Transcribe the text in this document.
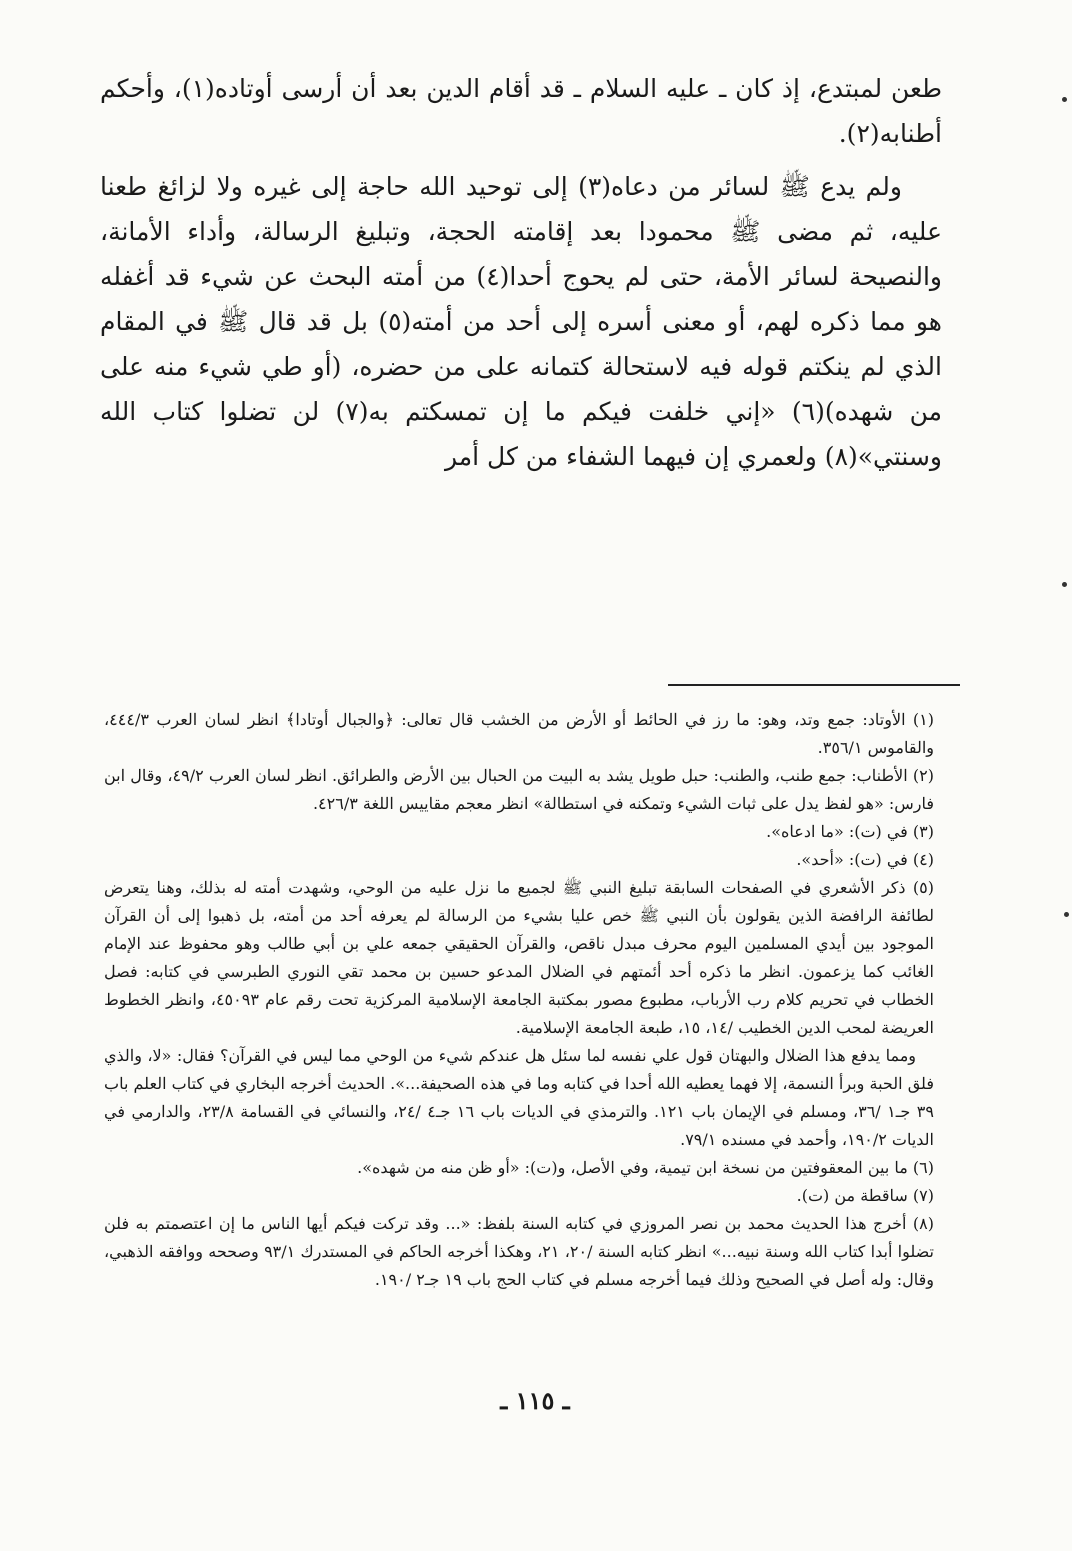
طعن لمبتدع، إذ كان ـ عليه السلام ـ قد أقام الدين بعد أن أرسى أوتاده(١)، وأحكم أطنابه(٢).

ولم يدع ﷺ لسائر من دعاه(٣) إلى توحيد الله حاجة إلى غيره ولا لزائغ طعنا عليه، ثم مضى ﷺ محمودا بعد إقامته الحجة، وتبليغ الرسالة، وأداء الأمانة، والنصيحة لسائر الأمة، حتى لم يحوج أحدا(٤) من أمته البحث عن شيء قد أغفله هو مما ذكره لهم، أو معنى أسره إلى أحد من أمته(٥) بل قد قال ﷺ في المقام الذي لم ينكتم قوله فيه لاستحالة كتمانه على من حضره، (أو طي شيء منه على من شهده)(٦) «إني خلفت فيكم ما إن تمسكتم به(٧) لن تضلوا كتاب الله وسنتي»(٨) ولعمري إن فيهما الشفاء من كل أمر

(١) الأوتاد: جمع وتد، وهو: ما رز في الحائط أو الأرض من الخشب قال تعالى: ﴿والجبال أوتادا﴾ انظر لسان العرب ٤٤٤/٣، والقاموس ٣٥٦/١.

(٢) الأطناب: جمع طنب، والطنب: حبل طويل يشد به البيت من الحبال بين الأرض والطرائق. انظر لسان العرب ٤٩/٢، وقال ابن فارس: «هو لفظ يدل على ثبات الشيء وتمكنه في استطالة» انظر معجم مقاييس اللغة ٤٢٦/٣.

(٣) في (ت): «ما ادعاه».

(٤) في (ت): «أحد».

(٥) ذكر الأشعري في الصفحات السابقة تبليغ النبي ﷺ لجميع ما نزل عليه من الوحي، وشهدت أمته له بذلك، وهنا يتعرض لطائفة الرافضة الذين يقولون بأن النبي ﷺ خص عليا بشيء من الرسالة لم يعرفه أحد من أمته، بل ذهبوا إلى أن القرآن الموجود بين أيدي المسلمين اليوم محرف مبدل ناقص، والقرآن الحقيقي جمعه علي بن أبي طالب وهو محفوظ عند الإمام الغائب كما يزعمون. انظر ما ذكره أحد أئمتهم في الضلال المدعو حسين بن محمد تقي النوري الطبرسي في كتابه: فصل الخطاب في تحريم كلام رب الأرباب، مطبوع مصور بمكتبة الجامعة الإسلامية المركزية تحت رقم عام ٤٥٠٩٣، وانظر الخطوط العريضة لمحب الدين الخطيب /١٤، ١٥، طبعة الجامعة الإسلامية.

ومما يدفع هذا الضلال والبهتان قول علي نفسه لما سئل هل عندكم شيء من الوحي مما ليس في القرآن؟ فقال: «لا، والذي فلق الحبة وبرأ النسمة، إلا فهما يعطيه الله أحدا في كتابه وما في هذه الصحيفة...». الحديث أخرجه البخاري في كتاب العلم باب ٣٩ جـ١ /٣٦، ومسلم في الإيمان باب ١٢١. والترمذي في الديات باب ١٦ جـ٤ /٢٤، والنسائي في القسامة ٢٣/٨، والدارمي في الديات ١٩٠/٢، وأحمد في مسنده ٧٩/١.

(٦) ما بين المعقوفتين من نسخة ابن تيمية، وفي الأصل، و(ت): «أو ظن منه من شهده».

(٧) ساقطة من (ت).

(٨) أخرج هذا الحديث محمد بن نصر المروزي في كتابه السنة بلفظ: «... وقد تركت فيكم أيها الناس ما إن اعتصمتم به فلن تضلوا أبدا كتاب الله وسنة نبيه...» انظر كتابه السنة /٢٠، ٢١، وهكذا أخرجه الحاكم في المستدرك ٩٣/١ وصححه ووافقه الذهبي، وقال: وله أصل في الصحيح وذلك فيما أخرجه مسلم في كتاب الحج باب ١٩ جـ٢ /١٩٠.

ـ ١١٥ ـ
